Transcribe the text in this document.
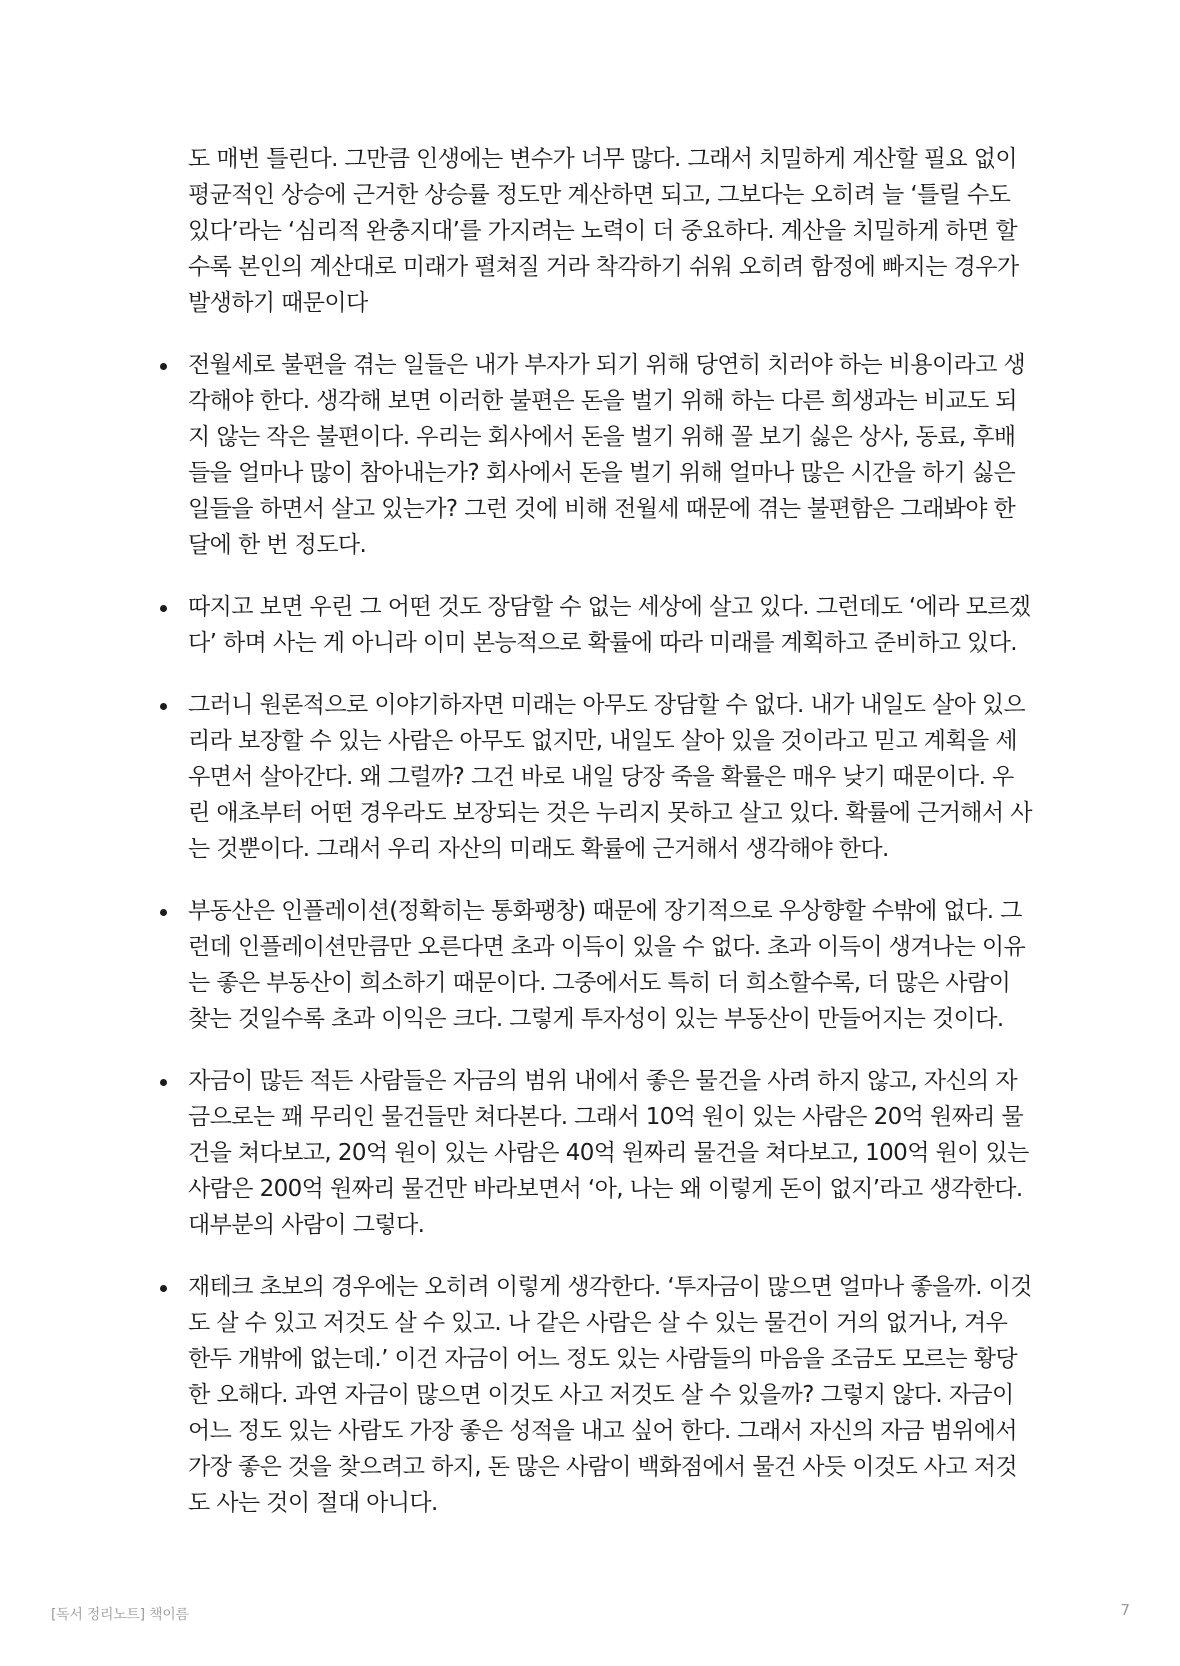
도 매번 틀린다. 그만큼 인생에는 변수가 너무 많다. 그래서 치밀하게 계산할 필요 없이
평균적인 상승에 근거한 상승률 정도만 계산하면 되고, 그보다는 오히려 늘 ‘틀릴 수도
있다’라는 ‘심리적 완충지대’를 가지려는 노력이 더 중요하다. 계산을 치밀하게 하면 할
수록 본인의 계산대로 미래가 펼쳐질 거라 착각하기 쉬워 오히려 함정에 빠지는 경우가
발생하기 때문이다

전월세로 불편을 겪는 일들은 내가 부자가 되기 위해 당연히 치러야 하는 비용이라고 생
각해야 한다. 생각해 보면 이러한 불편은 돈을 벌기 위해 하는 다른 희생과는 비교도 되
지 않는 작은 불편이다. 우리는 회사에서 돈을 벌기 위해 꼴 보기 싫은 상사, 동료, 후배
들을 얼마나 많이 참아내는가? 회사에서 돈을 벌기 위해 얼마나 많은 시간을 하기 싫은
일들을 하면서 살고 있는가? 그런 것에 비해 전월세 때문에 겪는 불편함은 그래봐야 한
달에 한 번 정도다.

따지고 보면 우린 그 어떤 것도 장담할 수 없는 세상에 살고 있다. 그런데도 ‘에라 모르겠
다’ 하며 사는 게 아니라 이미 본능적으로 확률에 따라 미래를 계획하고 준비하고 있다.

그러니 원론적으로 이야기하자면 미래는 아무도 장담할 수 없다. 내가 내일도 살아 있으
리라 보장할 수 있는 사람은 아무도 없지만, 내일도 살아 있을 것이라고 믿고 계획을 세
우면서 살아간다. 왜 그럴까? 그건 바로 내일 당장 죽을 확률은 매우 낮기 때문이다. 우
린 애초부터 어떤 경우라도 보장되는 것은 누리지 못하고 살고 있다. 확률에 근거해서 사
는 것뿐이다. 그래서 우리 자산의 미래도 확률에 근거해서 생각해야 한다.

부동산은 인플레이션(정확히는 통화팽창) 때문에 장기적으로 우상향할 수밖에 없다. 그
런데 인플레이션만큼만 오른다면 초과 이득이 있을 수 없다. 초과 이득이 생겨나는 이유
는 좋은 부동산이 희소하기 때문이다. 그중에서도 특히 더 희소할수록, 더 많은 사람이
찾는 것일수록 초과 이익은 크다. 그렇게 투자성이 있는 부동산이 만들어지는 것이다.

자금이 많든 적든 사람들은 자금의 범위 내에서 좋은 물건을 사려 하지 않고, 자신의 자
금으로는 꽤 무리인 물건들만 쳐다본다. 그래서 10억 원이 있는 사람은 20억 원짜리 물
건을 쳐다보고, 20억 원이 있는 사람은 40억 원짜리 물건을 쳐다보고, 100억 원이 있는
사람은 200억 원짜리 물건만 바라보면서 ‘아, 나는 왜 이렇게 돈이 없지’라고 생각한다.
대부분의 사람이 그렇다.

재테크 초보의 경우에는 오히려 이렇게 생각한다. ‘투자금이 많으면 얼마나 좋을까. 이것
도 살 수 있고 저것도 살 수 있고. 나 같은 사람은 살 수 있는 물건이 거의 없거나, 겨우
한두 개밖에 없는데.’ 이건 자금이 어느 정도 있는 사람들의 마음을 조금도 모르는 황당
한 오해다. 과연 자금이 많으면 이것도 사고 저것도 살 수 있을까? 그렇지 않다. 자금이
어느 정도 있는 사람도 가장 좋은 성적을 내고 싶어 한다. 그래서 자신의 자금 범위에서
가장 좋은 것을 찾으려고 하지, 돈 많은 사람이 백화점에서 물건 사듯 이것도 사고 저것
도 사는 것이 절대 아니다.

[독서 정리노트] 책이름	7
